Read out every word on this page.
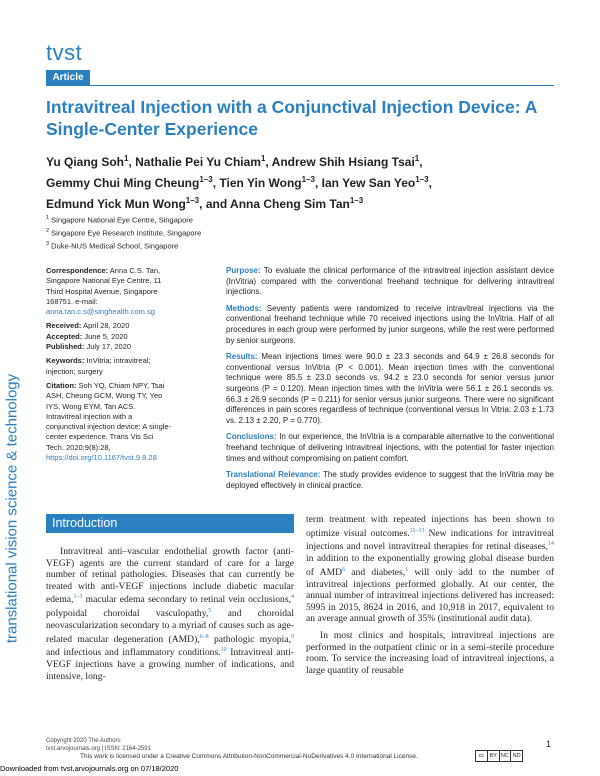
tvst
Article
Intravitreal Injection with a Conjunctival Injection Device: A Single-Center Experience
Yu Qiang Soh$^1$, Nathalie Pei Yu Chiam$^1$, Andrew Shih Hsiang Tsai$^1$,
Gemmy Chui Ming Cheung$^{1-3}$, Tien Yin Wong$^{1-3}$, Ian Yew San Yeo$^{1-3}$,
Edmund Yick Mun Wong$^{1-3}$, and Anna Cheng Sim Tan$^{1-3}$
$^1$ Singapore National Eye Centre, Singapore
$^2$ Singapore Eye Research Institute, Singapore
$^3$ Duke-NUS Medical School, Singapore

Correspondence: Anna C.S. Tan, Singapore National Eye Centre, 11 Third Hospital Avenue, Singapore 168751. e-mail: anna.tan.c.s@singhealth.com.sg

Received: April 28, 2020
Accepted: June 5, 2020
Published: July 17, 2020

Keywords: InVitria; intravitreal; injection; surgery

Citation: Soh YQ, Chiam NPY, Tsai ASH, Cheung GCM, Wong TY, Yeo IYS, Wong EYM, Tan ACS. Intravitreal injection with a conjunctival injection device: A single-center experience. Trans Vis Sci Tech. 2020;9(8):28, https://doi.org/10.1167/tvst.9.8.28

Purpose: To evaluate the clinical performance of the intravitreal injection assistant device (InVitria) compared with the conventional freehand technique for delivering intravitreal injections.

Methods: Seventy patients were randomized to receive intravitreal injections via the conventional freehand technique while 70 received injections using the InVitria. Half of all procedures in each group were performed by junior surgeons, while the rest were performed by senior surgeons.

Results: Mean injections times were 90.0 ± 23.3 seconds and 64.9 ± 26.8 seconds for conventional versus InVitria (P < 0.001). Mean injection times with the conventional technique were 85.5 ± 23.0 seconds vs. 94.2 ± 23.0 seconds for senior versus junior surgeons (P = 0.120). Mean injection times with the InVitria were 56.1 ± 26.1 seconds vs. 66.3 ± 26.9 seconds (P = 0.211) for senior versus junior surgeons. There were no significant differences in pain scores regardless of technique (conventional versus In Vitria: 2.03 ± 1.73 vs. 2.13 ± 2.20, P = 0.770).

Conclusions: In our experience, the InVitria is a comparable alternative to the conventional freehand technique of delivering intravitreal injections, with the potential for faster injection times and without compromising on patient comfort.

Translational Relevance: The study provides evidence to suggest that the InVitria may be deployed effectively in clinical practice.

translational vision science & technology	Introduction

Intravitreal anti–vascular endothelial growth factor (anti-VEGF) agents are the current standard of care for a large number of retinal pathologies. Diseases that can currently be treated with anti-VEGF injections include diabetic macular edema,$^{1-3}$ macular edema secondary to retinal vein occlusions,$^4$ polypoidal choroidal vasculopathy,$^5$ and choroidal neovascularization secondary to a myriad of causes such as age-related macular degeneration (AMD),$^{6-8}$ pathologic myopia,$^9$ and infectious and inflammatory conditions.$^{10}$ Intravitreal anti-VEGF injections have a growing number of indications, and intensive, long-

term treatment with repeated injections has been shown to optimize visual outcomes.$^{11-13}$ New indications for intravitreal injections and novel intravitreal therapies for retinal diseases,$^{14}$ in addition to the exponentially growing global disease burden of AMD$^6$ and diabetes,$^1$ will only add to the number of intravitreal injections performed globally. At our center, the annual number of intravitreal injections delivered has increased: 5995 in 2015, 8624 in 2016, and 10,918 in 2017, equivalent to an average annual growth of 35% (institutional audit data).

In most clinics and hospitals, intravitreal injections are performed in the outpatient clinic or in a semi-sterile procedure room. To service the increasing load of intravitreal injections, a large quantity of reusable

Copyright 2020 The Authors
tvst.arvojournals.org | ISSN: 2164-2591	1
This work is licensed under a Creative Commons Attribution-NonCommercial-NoDerivatives 4.0 International License.	cc BY NC ND
Downloaded from tvst.arvojournals.org on 07/18/2020
